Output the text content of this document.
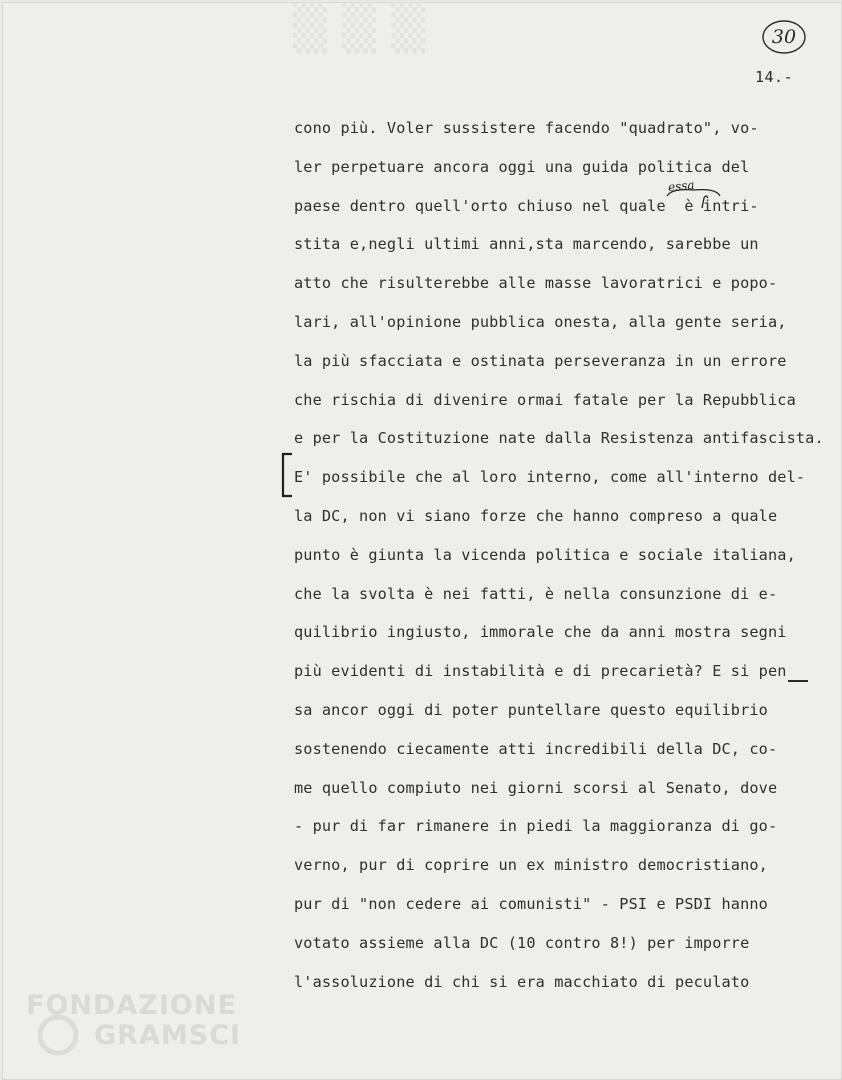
▒ ▒ ▒	30
14.-
cono più. Voler sussistere facendo "quadrato", vo-
ler perpetuare ancora oggi una guida politica del
paese dentro quell'orto chiuso nel quale  è intri-
stita e,negli ultimi anni,sta marcendo, sarebbe un
atto che risulterebbe alle masse lavoratrici e popo-
lari, all'opinione pubblica onesta, alla gente seria,
la più sfacciata e ostinata perseveranza in un errore
che rischia di divenire ormai fatale per la Repubblica
e per la Costituzione nate dalla Resistenza antifascista.
E' possibile che al loro interno, come all'interno del-
la DC, non vi siano forze che hanno compreso a quale
punto è giunta la vicenda politica e sociale italiana,
che la svolta è nei fatti, è nella consunzione di e-
quilibrio ingiusto, immorale che da anni mostra segni
più evidenti di instabilità e di precarietà? E si pen
sa ancor oggi di poter puntellare questo equilibrio
sostenendo ciecamente atti incredibili della DC, co-
me quello compiuto nei giorni scorsi al Senato, dove
- pur di far rimanere in piedi la maggioranza di go-
verno, pur di coprire un ex ministro democristiano,
pur di "non cedere ai comunisti" - PSI e PSDI hanno
votato assieme alla DC (10 contro 8!) per imporre
l'assoluzione di chi si era macchiato di peculato
essa
FONDAZIONE
GRAMSCI
